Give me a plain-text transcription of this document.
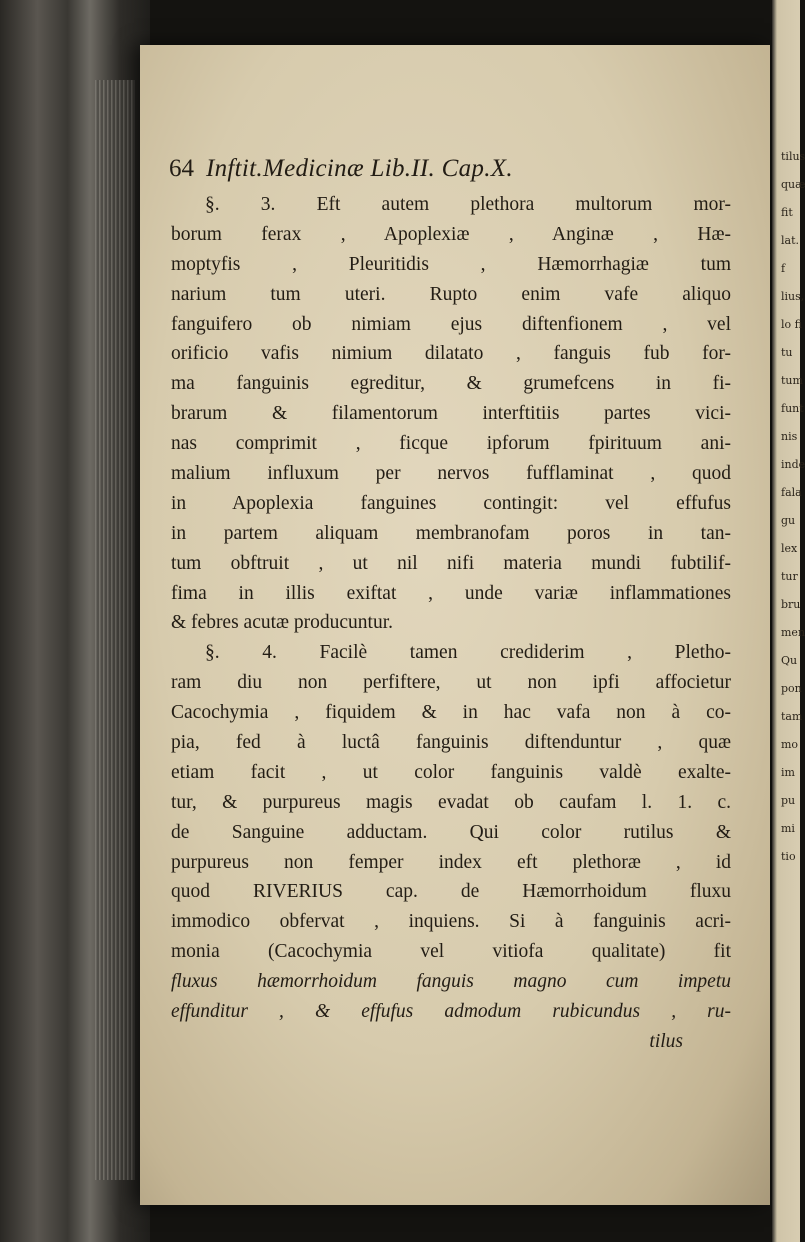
tilus
quæ
fit
lat.
f
lius,
lo fi
tu
tum
funt
nis
inde
fala
gu
lex
tur
bru
men
Qu
pon
tam
mo
im
pu
mi
tio
64 Inftit.Medicinæ Lib.II. Cap.X.
§. 3. Eft autem plethora multorum mor-
borum ferax , Apoplexiæ , Anginæ , Hæ-
moptyfis , Pleuritidis , Hæmorrhagiæ tum
narium tum uteri. Rupto enim vafe aliquo
fanguifero ob nimiam ejus diftenfionem , vel
orificio vafis nimium dilatato , fanguis fub for-
ma fanguinis egreditur, & grumefcens in fi-
brarum & filamentorum interftitiis partes vici-
nas comprimit , ficque ipforum fpirituum ani-
malium influxum per nervos fufflaminat , quod
in Apoplexia fanguines contingit: vel effufus
in partem aliquam membranofam poros in tan-
tum obftruit , ut nil nifi materia mundi fubtilif-
fima in illis exiftat , unde variæ inflammationes
& febres acutæ producuntur.
§. 4. Facilè tamen crediderim , Pletho-
ram diu non perfiftere, ut non ipfi affocietur
Cacochymia , fiquidem & in hac vafa non à co-
pia, fed à luctâ fanguinis diftenduntur , quæ
etiam facit , ut color fanguinis valdè exalte-
tur, & purpureus magis evadat ob caufam l. 1. c.
de Sanguine adductam. Qui color rutilus &
purpureus non femper index eft plethoræ , id
quod RIVERIUS cap. de Hæmorrhoidum fluxu
immodico obfervat , inquiens. Si à fanguinis acri-
monia (Cacochymia vel vitiofa qualitate) fit
fluxus hæmorrhoidum fanguis magno cum impetu
effunditur , & effufus admodum rubicundus , ru-
tilus
